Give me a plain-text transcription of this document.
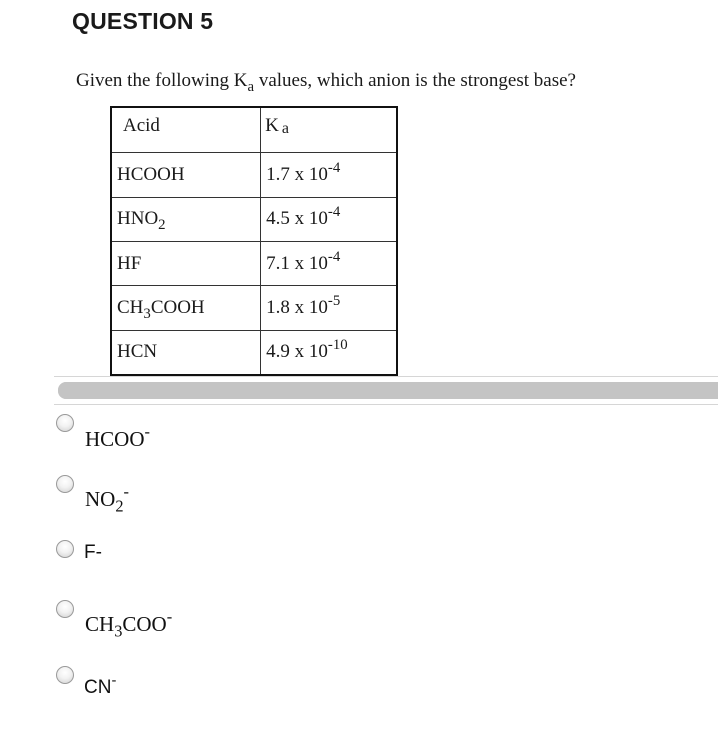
QUESTION 5
Given the following $K_a$ values, which anion is the strongest base?
Acid	K a
HCOOH	1.7 x $10^{-4}$
$HNO_2$	4.5 x $10^{-4}$
HF	7.1 x $10^{-4}$
$CH_3COOH$	1.8 x $10^{-5}$
HCN	4.9 x $10^{-10}$
HCOO-
$NO_2^-$
F-
$CH_3COO^-$
CN-
